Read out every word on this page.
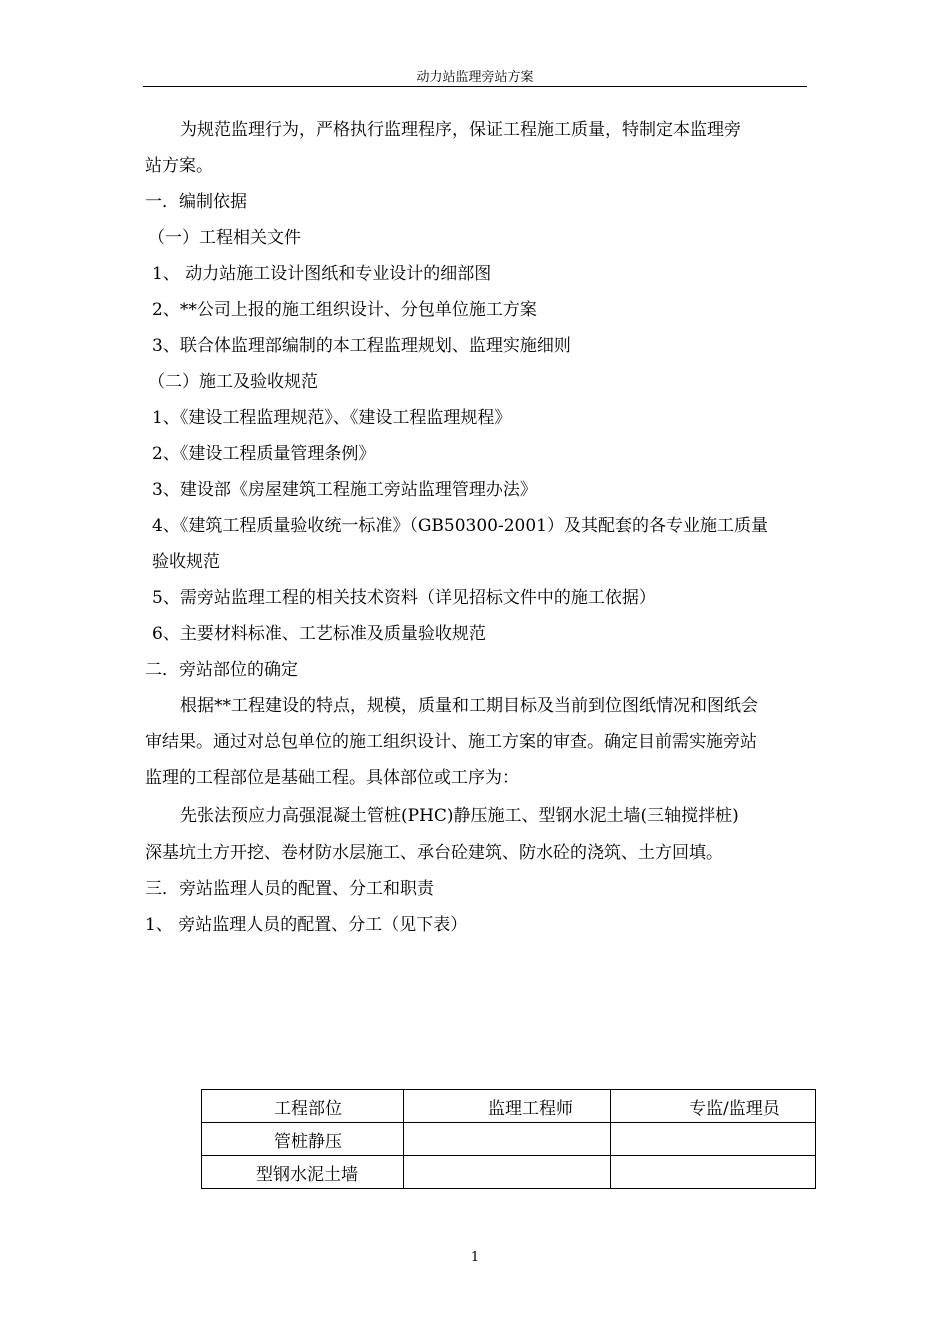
动力站监理旁站方案
为规范监理行为，严格执行监理程序，保证工程施工质量，特制定本监理旁
站方案。
一．编制依据
（一）工程相关文件
1、 动力站施工设计图纸和专业设计的细部图
2、**公司上报的施工组织设计、分包单位施工方案
3、联合体监理部编制的本工程监理规划、监理实施细则
（二）施工及验收规范
1、《建设工程监理规范》、《建设工程监理规程》
2、《建设工程质量管理条例》
3、建设部《房屋建筑工程施工旁站监理管理办法》
4、《建筑工程质量验收统一标准》（GB50300-2001）及其配套的各专业施工质量
验收规范
5、需旁站监理工程的相关技术资料（详见招标文件中的施工依据）
6、主要材料标准、工艺标准及质量验收规范
二．旁站部位的确定
根据**工程建设的特点，规模，质量和工期目标及当前到位图纸情况和图纸会
审结果。通过对总包单位的施工组织设计、施工方案的审查。确定目前需实施旁站
监理的工程部位是基础工程。具体部位或工序为：
先张法预应力高强混凝土管桩(PHC)静压施工、型钢水泥土墙(三轴搅拌桩)
深基坑土方开挖、卷材防水层施工、承台砼建筑、防水砼的浇筑、土方回填。
三．旁站监理人员的配置、分工和职责
1、 旁站监理人员的配置、分工（见下表）
工程部位	监理工程师	专监/监理员

管桩静压		

型钢水泥土墙		

1
